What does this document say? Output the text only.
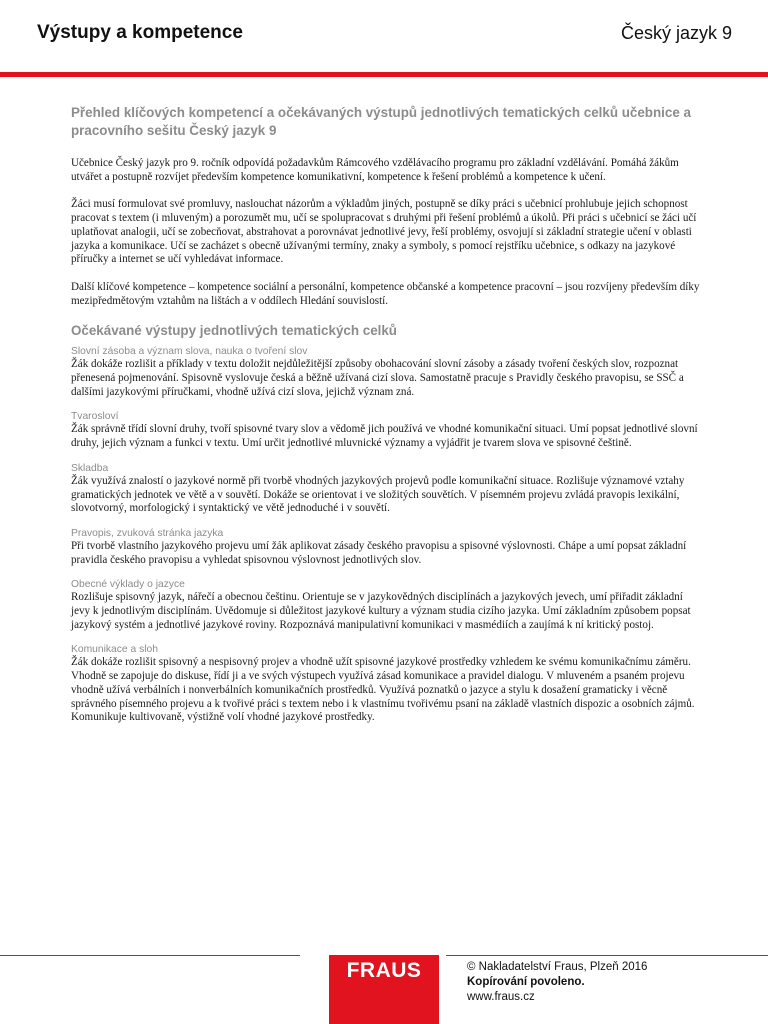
Výstupy a kompetence	Český jazyk 9
Přehled klíčových kompetencí a očekávaných výstupů jednotlivých tematických celků učebnice a pracovního sešitu Český jazyk 9

Učebnice Český jazyk pro 9. ročník odpovídá požadavkům Rámcového vzdělávacího programu pro základní vzdělávání. Pomáhá žákům utvářet a postupně rozvíjet především kompetence komunikativní, kompetence k řešení problémů a kompetence k učení.

Žáci musí formulovat své promluvy, naslouchat názorům a výkladům jiných, postupně se díky práci s učebnicí prohlubuje jejich schopnost pracovat s textem (i mluveným) a porozumět mu, učí se spolupracovat s druhými při řešení problémů a úkolů. Při práci s učebnicí se žáci učí uplatňovat analogii, učí se zobecňovat, abstrahovat a porovnávat jednotlivé jevy, řeší problémy, osvojují si základní strategie učení v oblasti jazyka a komunikace. Učí se zacházet s obecně užívanými termíny, znaky a symboly, s pomocí rejstříku učebnice, s odkazy na jazykové příručky a internet se učí vyhledávat informace.

Další klíčové kompetence – kompetence sociální a personální, kompetence občanské a kompetence pracovní – jsou rozvíjeny především díky mezipředmětovým vztahům na lištách a v oddílech Hledání souvislostí.

Očekávané výstupy jednotlivých tematických celků
Slovní zásoba a význam slova, nauka o tvoření slov
Žák dokáže rozlišit a příklady v textu doložit nejdůležitější způsoby obohacování slovní zásoby a zásady tvoření českých slov, rozpoznat přenesená pojmenování. Spisovně vyslovuje česká a běžně užívaná cizí slova. Samostatně pracuje s Pravidly českého pravopisu, se SSČ a dalšími jazykovými příručkami, vhodně užívá cizí slova, jejichž význam zná.
Tvarosloví
Žák správně třídí slovní druhy, tvoří spisovné tvary slov a vědomě jich používá ve vhodné komunikační situaci. Umí popsat jednotlivé slovní druhy, jejich význam a funkci v textu. Umí určit jednotlivé mluvnické významy a vyjádřit je tvarem slova ve spisovné češtině.
Skladba
Žák využívá znalostí o jazykové normě při tvorbě vhodných jazykových projevů podle komunikační situace. Rozlišuje významové vztahy gramatických jednotek ve větě a v souvětí. Dokáže se orientovat i ve složitých souvětích. V písemném projevu zvládá pravopis lexikální, slovotvorný, morfologický i syntaktický ve větě jednoduché i v souvětí.
Pravopis, zvuková stránka jazyka
Při tvorbě vlastního jazykového projevu umí žák aplikovat zásady českého pravopisu a spisovné výslovnosti. Chápe a umí popsat základní pravidla českého pravopisu a vyhledat spisovnou výslovnost jednotlivých slov.
Obecné výklady o jazyce
Rozlišuje spisovný jazyk, nářečí a obecnou češtinu. Orientuje se v jazykovědných disciplínách a jazykových jevech, umí přiřadit základní jevy k jednotlivým disciplínám. Uvědomuje si důležitost jazykové kultury a význam studia cizího jazyka. Umí základním způsobem popsat jazykový systém a jednotlivé jazykové roviny. Rozpoznává manipulativní komunikaci v masmédiích a zaujímá k ní kritický postoj.
Komunikace a sloh
Žák dokáže rozlišit spisovný a nespisovný projev a vhodně užít spisovné jazykové prostředky vzhledem ke svému komunikačnímu záměru. Vhodně se zapojuje do diskuse, řídí ji a ve svých výstupech využívá zásad komunikace a pravidel dialogu. V mluveném a psaném projevu vhodně užívá verbálních i nonverbálních komunikačních prostředků. Využívá poznatků o jazyce a stylu k dosažení gramaticky i věcně správného písemného projevu a k tvořivé práci s textem nebo i k vlastnímu tvořivému psaní na základě vlastních dispozic a osobních zájmů. Komunikuje kultivovaně, výstižně volí vhodné jazykové prostředky.
FRAUS	© Nakladatelství Fraus, Plzeň 2016
Kopírování povoleno.
www.fraus.cz
